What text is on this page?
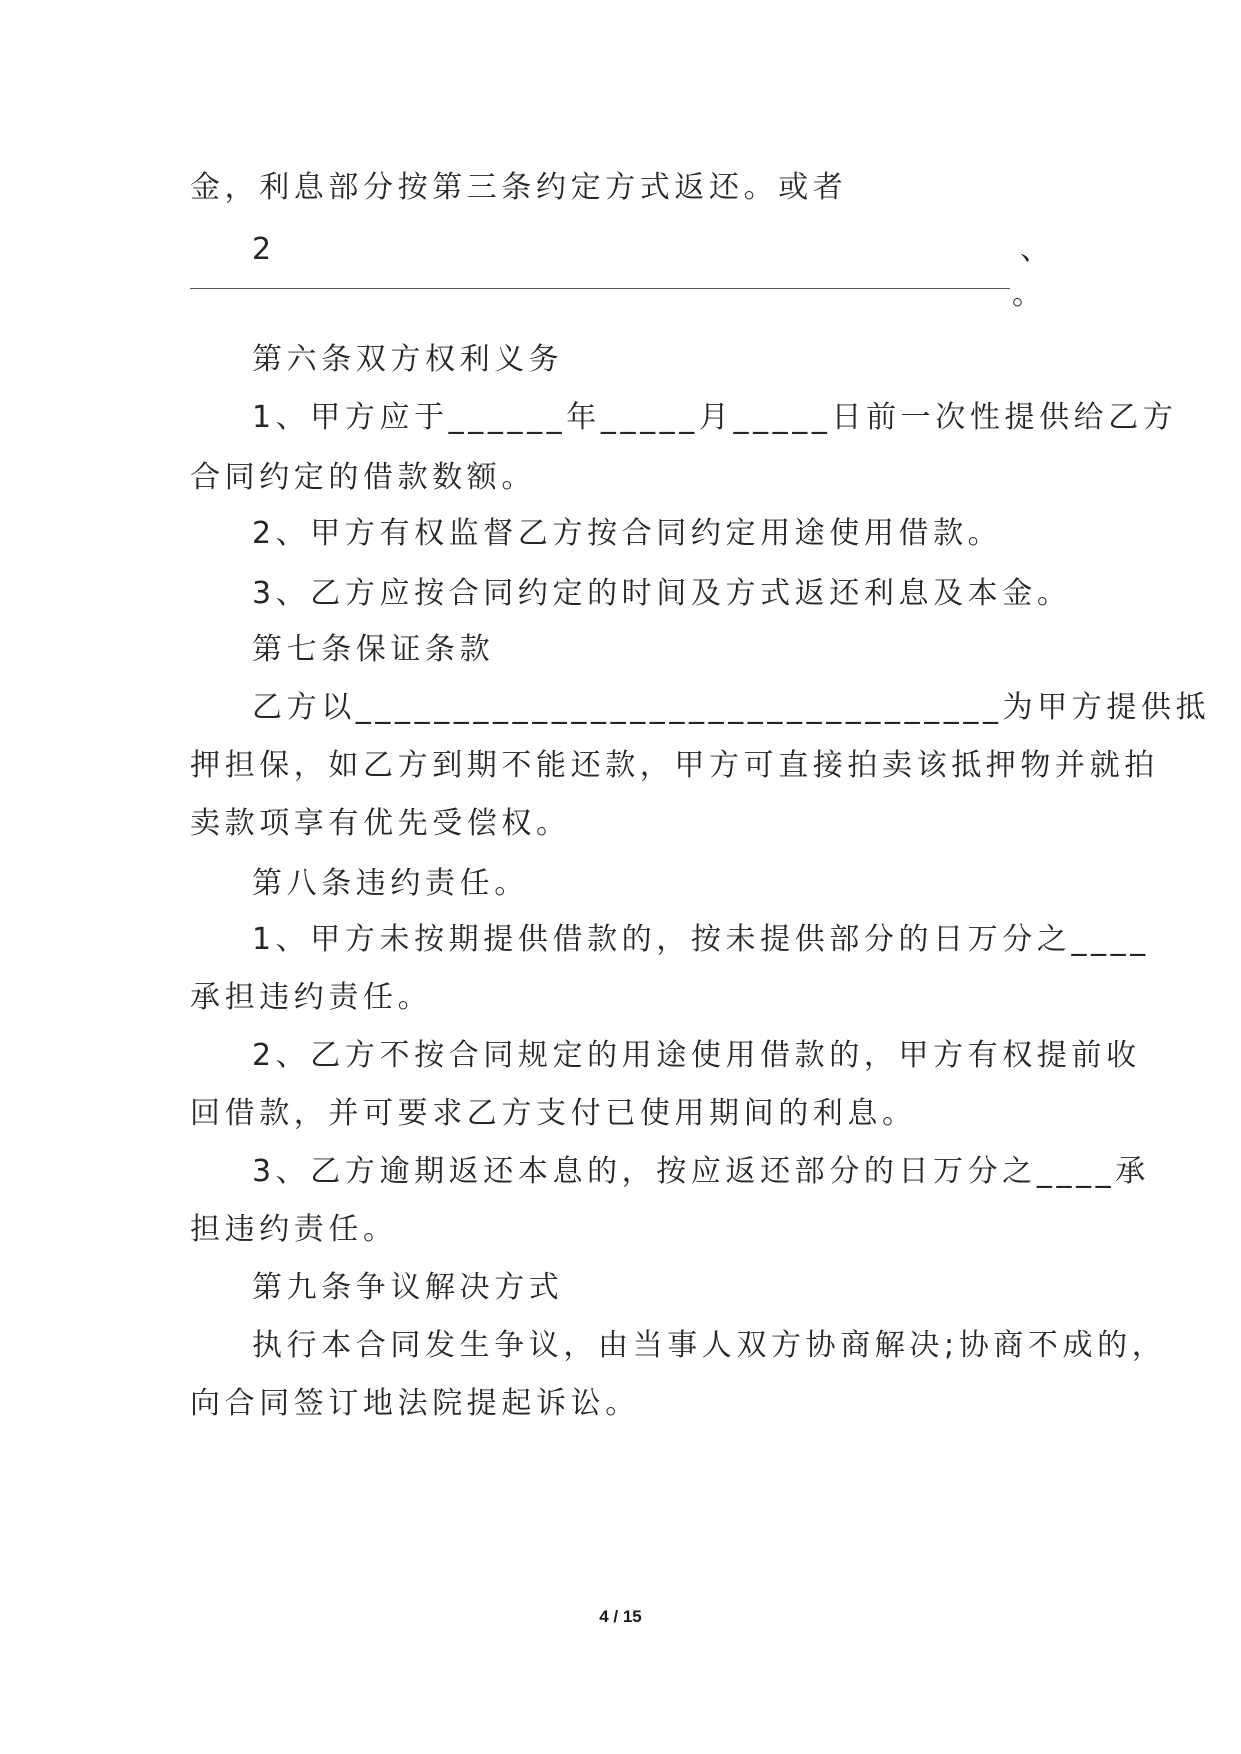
金，利息部分按第三条约定方式返还。或者
2	、
。
第六条双方权利义务
1、甲方应于______年_____月_____日前一次性提供给乙方
合同约定的借款数额。
2、甲方有权监督乙方按合同约定用途使用借款。
3、乙方应按合同约定的时间及方式返还利息及本金。
第七条保证条款
乙方以_________________________________为甲方提供抵
押担保，如乙方到期不能还款，甲方可直接拍卖该抵押物并就拍
卖款项享有优先受偿权。
第八条违约责任。
1、甲方未按期提供借款的，按未提供部分的日万分之____
承担违约责任。
2、乙方不按合同规定的用途使用借款的，甲方有权提前收
回借款，并可要求乙方支付已使用期间的利息。
3、乙方逾期返还本息的，按应返还部分的日万分之____承
担违约责任。
第九条争议解决方式
执行本合同发生争议，由当事人双方协商解决;协商不成的，
向合同签订地法院提起诉讼。
4 / 15
